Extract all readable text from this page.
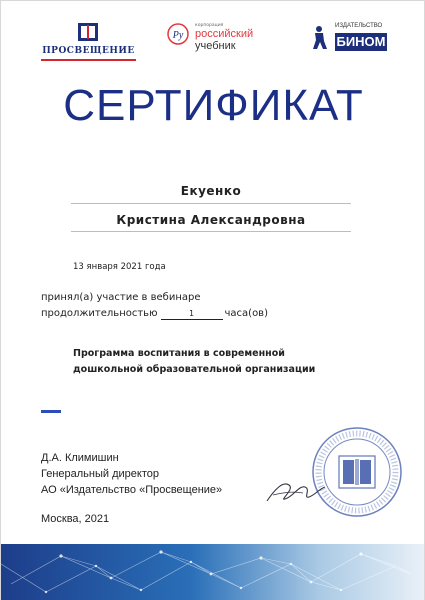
ПРОСВЕЩЕНИЕ
Ру
корпорация
российский
учебник
ИЗДАТЕЛЬСТВО
БИНОМ
СЕРТИФИКАТ
Екуенко
Кристина Александровна
13 января 2021 года
принял(а) участие в вебинаре
продолжительностью	1	часа(ов)
Программа воспитания в современной
дошкольной образовательной организации
Д.А. Климишин
Генеральный директор
АО «Издательство «Просвещение»
Москва, 2021
